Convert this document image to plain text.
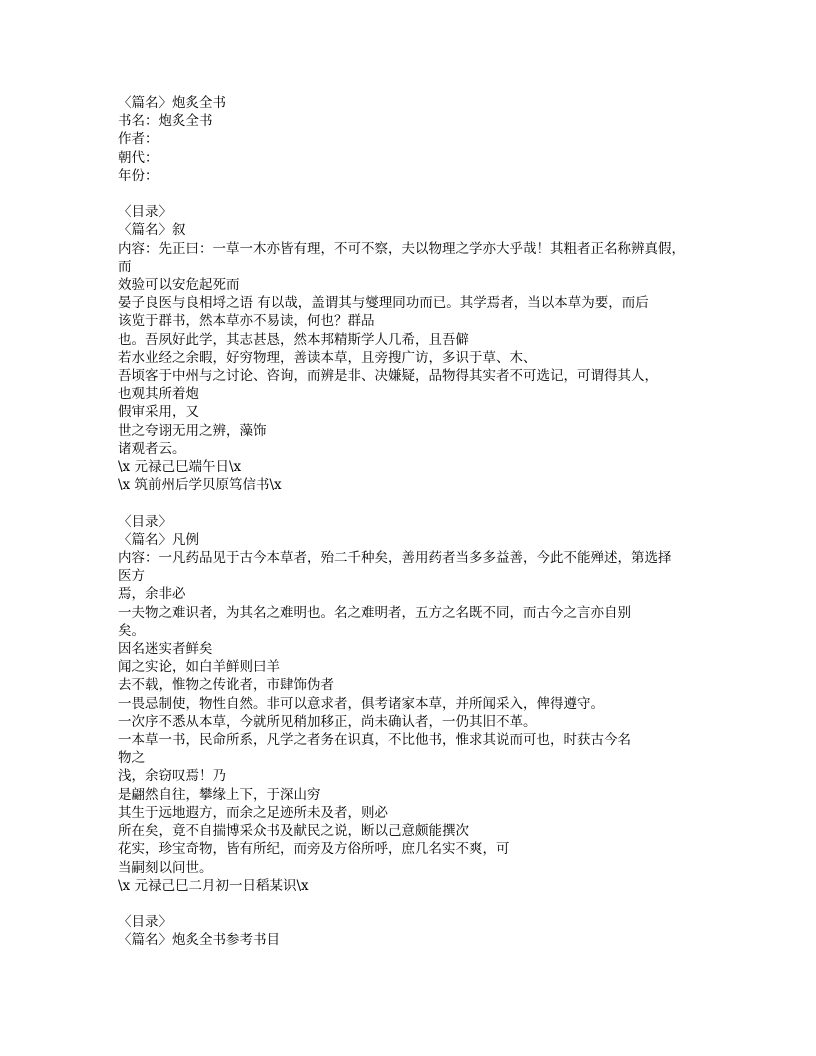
〈篇名〉炮炙全书
书名：炮炙全书
作者：
朝代：
年份：
〈目录〉
〈篇名〉叙
内容：先正曰：一草一木亦皆有理，不可不察，夫以物理之学亦大乎哉！其粗者正名称辨真假，
而
效验可以安危起死而
晏子良医与良相埒之语 有以哉，盖谓其与燮理同功而已。其学焉者，当以本草为要，而后
该览于群书，然本草亦不易读，何也？群品
也。吾夙好此学，其志甚恳，然本邦精斯学人几希，且吾僻
若水业经之余暇，好穷物理，善读本草，且旁搜广访，多识于草、木、
吾顷客于中州与之讨论、咨询，而辨是非、决嫌疑，品物得其实者不可选记，可谓得其人，
也观其所着炮
假审采用，又
世之夸诩无用之辨，藻饰
诸观者云。
\x 元禄己巳端午日\x
\x 筑前州后学贝原笃信书\x
〈目录〉
〈篇名〉凡例
内容：一凡药品见于古今本草者，殆二千种矣，善用药者当多多益善，今此不能殚述，第选择
医方
焉，余非必
一夫物之难识者，为其名之难明也。名之难明者，五方之名既不同，而古今之言亦自别
矣。
因名迷实者鲜矣
闻之实论，如白羊鲜则曰羊
去不载，惟物之传讹者，市肆饰伪者
一畏忌制使，物性自然。非可以意求者，俱考诸家本草，并所闻采入，俾得遵守。
一次序不悉从本草，今就所见稍加移正，尚未确认者，一仍其旧不革。
一本草一书，民命所系，凡学之者务在识真，不比他书，惟求其说而可也，时获古今名
物之
浅，余窃叹焉！乃
是翩然自往，攀缘上下，于深山穷
其生于远地遐方，而余之足迹所未及者，则必
所在矣，竟不自揣博采众书及献民之说，断以己意颇能撰次
花实，珍宝奇物，皆有所纪，而旁及方俗所呼，庶几名实不爽，可
当嗣刻以问世。
\x 元禄己巳二月初一日稻某识\x
〈目录〉
〈篇名〉炮炙全书参考书目
